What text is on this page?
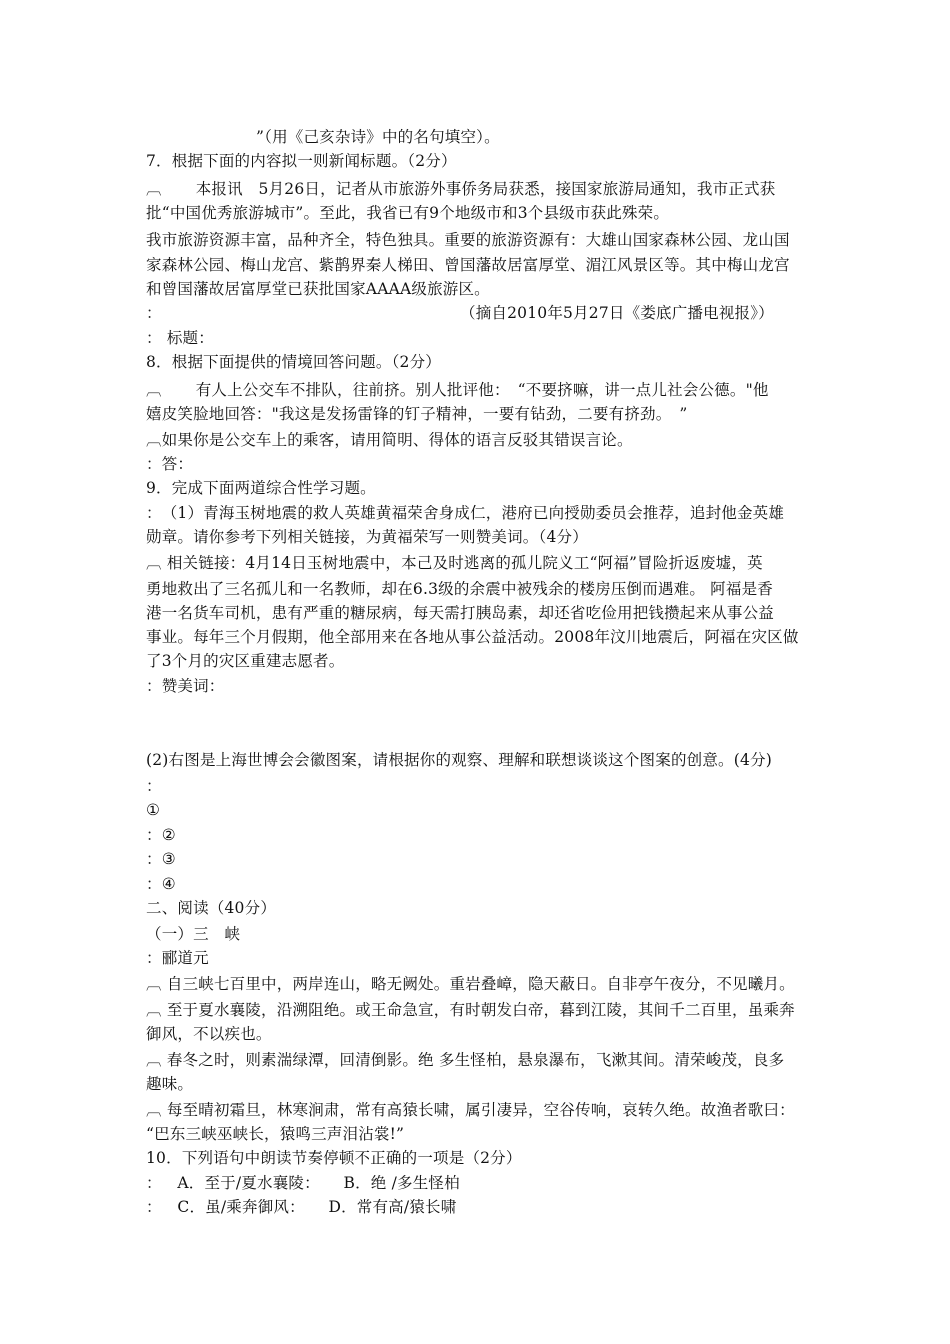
”（用《己亥杂诗》中的名句填空）。
7．根据下面的内容拟一则新闻标题。（2分）
︹ 本报讯　5月26日，记者从市旅游外事侨务局获悉，接国家旅游局通知，我市正式获
批“中国优秀旅游城市”。至此，我省已有9个地级市和3个县级市获此殊荣。
我市旅游资源丰富，品种齐全，特色独具。重要的旅游资源有：大雄山国家森林公园、龙山国
家森林公园、梅山龙宫、紫鹊界秦人梯田、曾国藩故居富厚堂、湄江风景区等。其中梅山龙宫
和曾国藩故居富厚堂已获批国家AAAA级旅游区。
：	（摘自2010年5月27日《娄底广播电视报》）
： 标题：
8．根据下面提供的情境回答问题。（2分）
︹ 有人上公交车不排队，往前挤。别人批评他：　“不要挤嘛，讲一点儿社会公德。"他
嬉皮笑脸地回答："我这是发扬雷锋的钉子精神，一要有钻劲，二要有挤劲。　”
︹如果你是公交车上的乘客，请用简明、得体的语言反驳其错误言论。
：答：
9．完成下面两道综合性学习题。
：（1）青海玉树地震的救人英雄黄福荣舍身成仁，港府已向授勋委员会推荐，追封他金英雄
勋章。请你参考下列相关链接，为黄福荣写一则赞美词。（4分）
︹ 相关链接：4月14日玉树地震中，本己及时逃离的孤儿院义工“阿福”冒险折返废墟，英
勇地救出了三名孤儿和一名教师，却在6.3级的余震中被残余的楼房压倒而遇难。 阿福是香
港一名货车司机，患有严重的糖尿病，每天需打胰岛素，却还省吃俭用把钱攒起来从事公益
事业。每年三个月假期，他全部用来在各地从事公益活动。2008年汶川地震后，阿福在灾区做
了3个月的灾区重建志愿者。
：赞美词：
(2)右图是上海世博会会徽图案，请根据你的观察、理解和联想谈谈这个图案的创意。(4分)
：
①
：②
：③
：④
二、阅读（40分）
（一）三　峡
：郦道元
︹ 自三峡七百里中，两岸连山，略无阙处。重岩叠嶂，隐天蔽日。自非亭午夜分，不见曦月。
︹ 至于夏水襄陵，沿溯阻绝。或王命急宣，有时朝发白帝，暮到江陵，其间千二百里，虽乘奔
御风，不以疾也。
︹ 春冬之时，则素湍绿潭，回清倒影。绝 多生怪柏，悬泉瀑布，飞漱其间。清荣峻茂，良多
趣味。
︹ 每至晴初霜旦，林寒涧肃，常有高猿长啸，属引凄异，空谷传响，哀转久绝。故渔者歌曰：
“巴东三峡巫峡长，猿鸣三声泪沾裳!”
10．下列语句中朗读节奏停顿不正确的一项是（2分）
：　 A．至于/夏水襄陵：　　B．绝 /多生怪柏
：　 C．虽/乘奔御风：　　D．常有高/猿长啸
